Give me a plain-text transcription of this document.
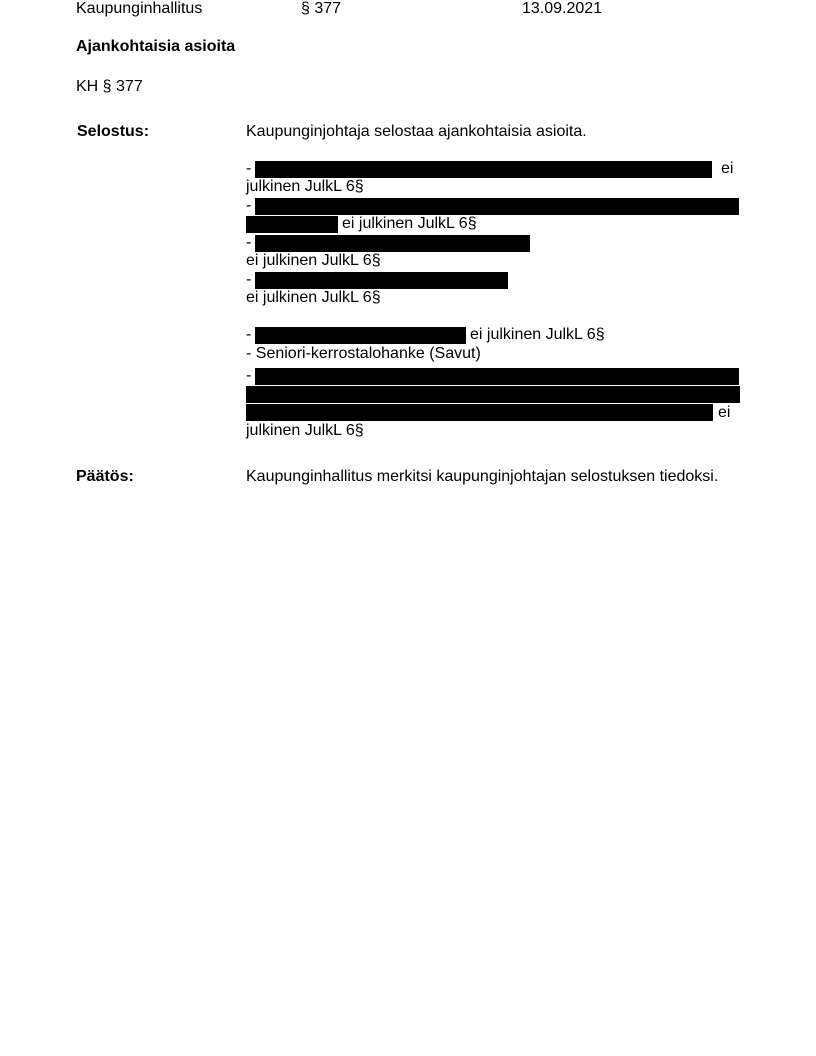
Kaupunginhallitus	§ 377	13.09.2021
Ajankohtaisia asioita
KH § 377
Selostus:	Kaupunginjohtaja selostaa ajankohtaisia asioita.
-	ei
julkinen JulkL 6§
-
ei julkinen JulkL 6§
-
ei julkinen JulkL 6§
-
ei julkinen JulkL 6§
-	ei julkinen JulkL 6§
- Seniori-kerrostalohanke (Savut)
-
ei
julkinen JulkL 6§
Päätös:	Kaupunginhallitus merkitsi kaupunginjohtajan selostuksen tiedoksi.
